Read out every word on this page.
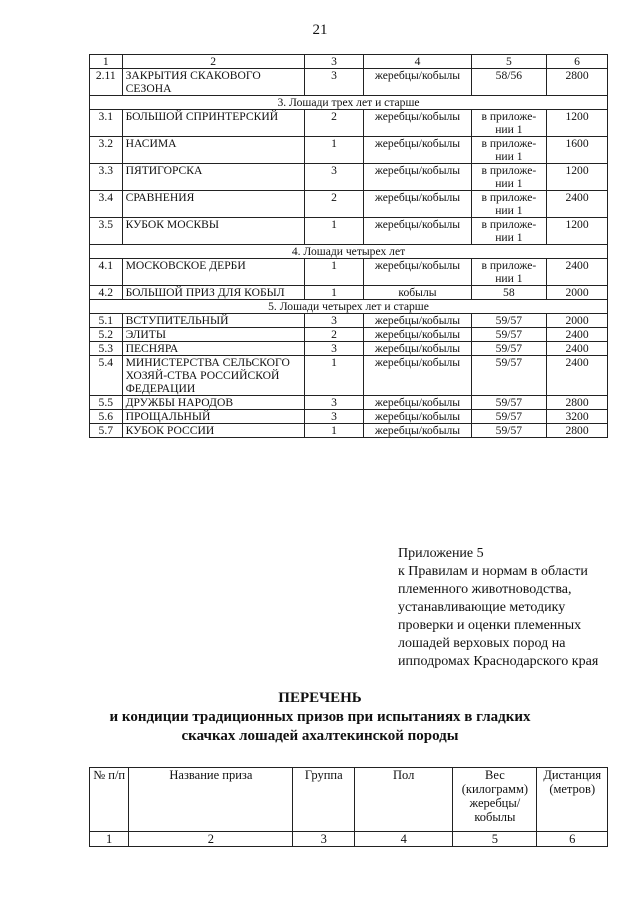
21
1	2	3	4	5	6
2.11	ЗАКРЫТИЯ СКАКОВОГО СЕЗОНА	3	жеребцы/кобылы	58/56	2800
3. Лошади трех лет и старше					
3.1	БОЛЬШОЙ СПРИНТЕРСКИЙ	2	жеребцы/кобылы	в приложе-нии 1	1200
3.2	НАСИМА	1	жеребцы/кобылы	в приложе-нии 1	1600
3.3	ПЯТИГОРСКА	3	жеребцы/кобылы	в приложе-нии 1	1200
3.4	СРАВНЕНИЯ	2	жеребцы/кобылы	в приложе-нии 1	2400
3.5	КУБОК МОСКВЫ	1	жеребцы/кобылы	в приложе-нии 1	1200
4. Лошади четырех лет					
4.1	МОСКОВСКОЕ ДЕРБИ	1	жеребцы/кобылы	в приложе-нии 1	2400
4.2	БОЛЬШОЙ ПРИЗ ДЛЯ КОБЫЛ	1	кобылы	58	2000
5. Лошади четырех лет и старше					
5.1	ВСТУПИТЕЛЬНЫЙ	3	жеребцы/кобылы	59/57	2000
5.2	ЭЛИТЫ	2	жеребцы/кобылы	59/57	2400
5.3	ПЕСНЯРА	3	жеребцы/кобылы	59/57	2400
5.4	МИНИСТЕРСТВА СЕЛЬСКОГО ХОЗЯЙ-СТВА РОССИЙСКОЙ ФЕДЕРАЦИИ	1	жеребцы/кобылы	59/57	2400
5.5	ДРУЖБЫ НАРОДОВ	3	жеребцы/кобылы	59/57	2800
5.6	ПРОЩАЛЬНЫЙ	3	жеребцы/кобылы	59/57	3200
5.7	КУБОК РОССИИ	1	жеребцы/кобылы	59/57	2800
Приложение 5
к Правилам и нормам в области
племенного животноводства,
устанавливающие методику
проверки и оценки племенных
лошадей верховых пород на
ипподромах Краснодарского края
ПЕРЕЧЕНЬ
и кондиции традиционных призов при испытаниях в гладких
скачках лошадей ахалтекинской породы
№ п/п	Название приза	Группа	Пол	Вес (килограмм) жеребцы/ кобылы	Дистанция (метров)
1	2	3	4	5	6
